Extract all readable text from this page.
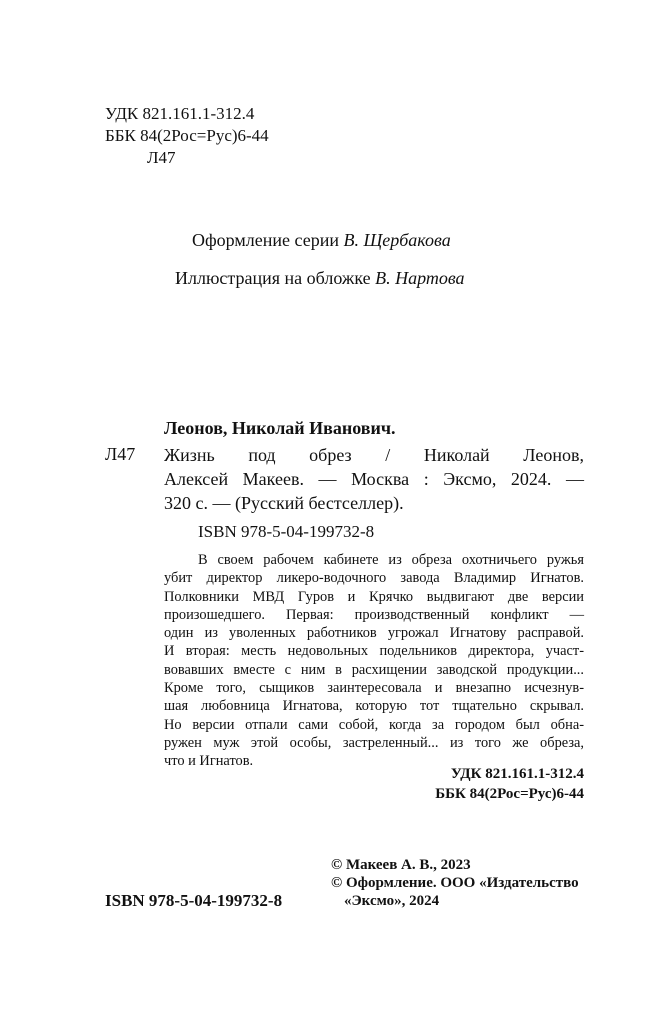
УДК 821.161.1-312.4
ББК 84(2Рос=Рус)6-44
Л47
Оформление серии В. Щербакова
Иллюстрация на обложке В. Нартова
Леонов, Николай Иванович.
Л47 Жизнь под обрез / Николай Леонов,
Алексей Макеев. — Москва : Эксмо, 2024. —
320 с. — (Русский бестселлер).
ISBN 978-5-04-199732-8
В своем рабочем кабинете из обреза охотничьего ружья
убит директор ликеро-водочного завода Владимир Игнатов.
Полковники МВД Гуров и Крячко выдвигают две версии
произошедшего. Первая: производственный конфликт —
один из уволенных работников угрожал Игнатову расправой.
И вторая: месть недовольных подельников директора, участ-
вовавших вместе с ним в расхищении заводской продукции...
Кроме того, сыщиков заинтересовала и внезапно исчезнув-
шая любовница Игнатова, которую тот тщательно скрывал.
Но версии отпали сами собой, когда за городом был обна-
ружен муж этой особы, застреленный... из того же обреза,
что и Игнатов.
УДК 821.161.1-312.4
ББК 84(2Рос=Рус)6-44
© Макеев А. В., 2023
© Оформление. ООО «Издательство
«Эксмо», 2024
ISBN 978-5-04-199732-8
